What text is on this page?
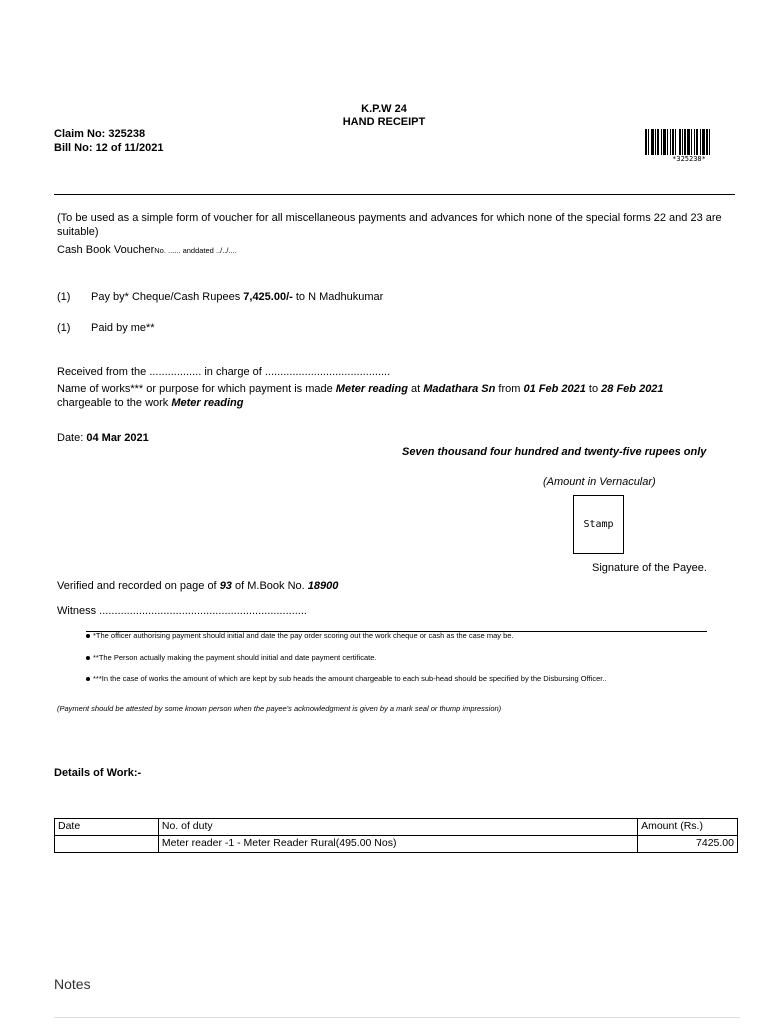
K.P.W 24
HAND RECEIPT
Claim No: 325238
Bill No: 12 of 11/2021
*325238*
(To be used as a simple form of voucher for all miscellaneous payments and advances for which none of the special forms 22 and 23 are
suitable)
Cash Book VoucherNo. ...... anddated ../../....
(1) Pay by* Cheque/Cash Rupees 7,425.00/- to N Madhukumar
(1) Paid by me**
Received from the ................. in charge of .........................................
Name of works*** or purpose for which payment is made Meter reading at Madathara Sn from 01 Feb 2021 to 28 Feb 2021
chargeable to the work Meter reading
Date: 04 Mar 2021
Seven thousand four hundred and twenty-five rupees only
(Amount in Vernacular)
Stamp
Signature of the Payee.
Verified and recorded on page of 93 of M.Book No. 18900
Witness ....................................................................
*The officer authorising payment should initial and date the pay order scoring out the work cheque or cash as the case may be.
**The Person actually making the payment should initial and date payment certificate.
***In the case of works the amount of which are kept by sub heads the amount chargeable to each sub-head should be specified by the Disbursing Officer..
(Payment should be attested by some known person when the payee's acknowledgment is given by a mark seal or thump impression)
Details of Work:-
Date	No. of duty	Amount (Rs.)
	Meter reader -1 - Meter Reader Rural(495.00 Nos)	7425.00
Notes
